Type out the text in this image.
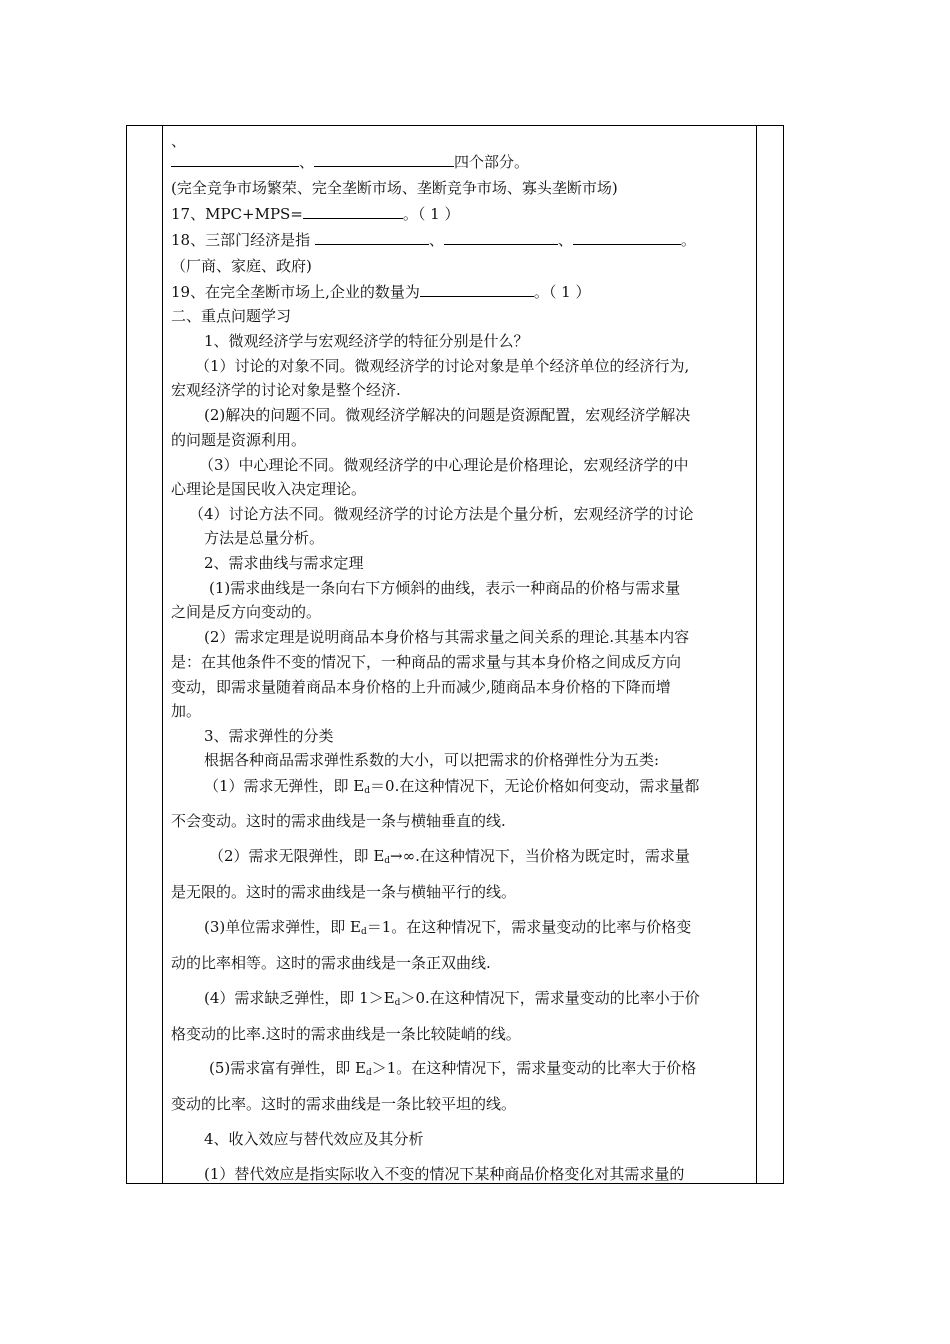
、
、	四个部分。
(完全竞争市场繁荣、完全垄断市场、垄断竞争市场、寡头垄断市场)
17、MPC+MPS=	。（ 1 ）
18、三部门经济是指	、	、	。
（厂商、家庭、政府)
19、在完全垄断市场上,企业的数量为	。（ 1 ）
二、重点问题学习
1、微观经济学与宏观经济学的特征分别是什么？
（1）讨论的对象不同。微观经济学的讨论对象是单个经济单位的经济行为,
宏观经济学的讨论对象是整个经济.
(2)解决的问题不同。微观经济学解决的问题是资源配置，宏观经济学解决
的问题是资源利用。
（3）中心理论不同。微观经济学的中心理论是价格理论，宏观经济学的中
心理论是国民收入决定理论。
（4）讨论方法不同。微观经济学的讨论方法是个量分析，宏观经济学的讨论
方法是总量分析。
2、需求曲线与需求定理
(1)需求曲线是一条向右下方倾斜的曲线，表示一种商品的价格与需求量
之间是反方向变动的。
(2）需求定理是说明商品本身价格与其需求量之间关系的理论.其基本内容
是：在其他条件不变的情况下，一种商品的需求量与其本身价格之间成反方向
变动，即需求量随着商品本身价格的上升而减少,随商品本身价格的下降而增
加。
3、需求弹性的分类
根据各种商品需求弹性系数的大小，可以把需求的价格弹性分为五类:
（1）需求无弹性，即 $E_d=0$.在这种情况下，无论价格如何变动，需求量都
不会变动。这时的需求曲线是一条与横轴垂直的线.
（2）需求无限弹性，即 $E_d\to\infty$.在这种情况下，当价格为既定时，需求量
是无限的。这时的需求曲线是一条与横轴平行的线。
(3)单位需求弹性，即 $E_d=1$。在这种情况下，需求量变动的比率与价格变
动的比率相等。这时的需求曲线是一条正双曲线.
(4）需求缺乏弹性，即 $1>E_d>0$.在这种情况下，需求量变动的比率小于价
格变动的比率.这时的需求曲线是一条比较陡峭的线。
(5)需求富有弹性，即 $E_d>1$。在这种情况下，需求量变动的比率大于价格
变动的比率。这时的需求曲线是一条比较平坦的线。
4、收入效应与替代效应及其分析
(1）替代效应是指实际收入不变的情况下某种商品价格变化对其需求量的
